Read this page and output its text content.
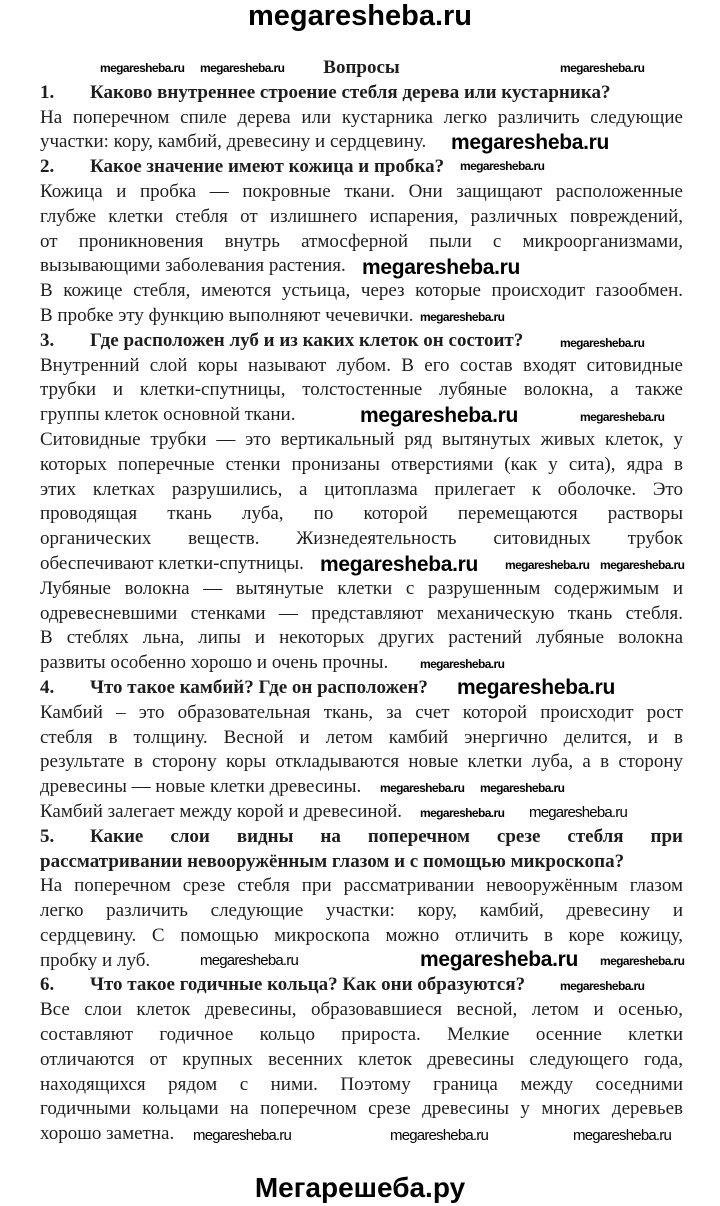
megaresheba.ru
Вопросы
1.	Каково внутреннее строение стебля дерева или кустарника?
На поперечном спиле дерева или кустарника легко различить следующие
участки: кору, камбий, древесину и сердцевину.
2.	Какое значение имеют кожица и пробка?
Кожица и пробка — покровные ткани. Они защищают расположенные
глубже клетки стебля от излишнего испарения, различных повреждений,
от проникновения внутрь атмосферной пыли с микроорганизмами,
вызывающими заболевания растения.
В кожице стебля, имеются устьица, через которые происходит газообмен.
В пробке эту функцию выполняют чечевички.
3.	Где расположен луб и из каких клеток он состоит?
Внутренний слой коры называют лубом. В его состав входят ситовидные
трубки и клетки-спутницы, толстостенные лубяные волокна, а также
группы клеток основной ткани.
Ситовидные трубки — это вертикальный ряд вытянутых живых клеток, у
которых поперечные стенки пронизаны отверстиями (как у сита), ядра в
этих клетках разрушились, а цитоплазма прилегает к оболочке. Это
проводящая ткань луба, по которой перемещаются растворы
органических веществ. Жизнедеятельность ситовидных трубок
обеспечивают клетки-спутницы.
Лубяные волокна — вытянутые клетки с разрушенным содержимым и
одревесневшими стенками — представляют механическую ткань стебля.
В стеблях льна, липы и некоторых других растений лубяные волокна
развиты особенно хорошо и очень прочны.
4.	Что такое камбий? Где он расположен?
Камбий – это образовательная ткань, за счет которой происходит рост
стебля в толщину. Весной и летом камбий энергично делится, и в
результате в сторону коры откладываются новые клетки луба, а в сторону
древесины — новые клетки древесины.
Камбий залегает между корой и древесиной.
5.	Какие слои видны на поперечном срезе стебля при
рассматривании невооружённым глазом и с помощью микроскопа?
На поперечном срезе стебля при рассматривании невооружённым глазом
легко различить следующие участки: кору, камбий, древесину и
сердцевину. С помощью микроскопа можно отличить в коре кожицу,
пробку и луб.
6.	Что такое годичные кольца? Как они образуются?
Все слои клеток древесины, образовавшиеся весной, летом и осенью,
составляют годичное кольцо прироста. Мелкие осенние клетки
отличаются от крупных весенних клеток древесины следующего года,
находящихся рядом с ними. Поэтому граница между соседними
годичными кольцами на поперечном срезе древесины у многих деревьев
хорошо заметна.
megaresheba.ru megaresheba.ru	megaresheba.ru
megaresheba.ru
megaresheba.ru
megaresheba.ru
megaresheba.ru
megaresheba.ru
megaresheba.ru	megaresheba.ru
megaresheba.ru megaresheba.ru megaresheba.ru
megaresheba.ru
megaresheba.ru
megaresheba.ru megaresheba.ru
megaresheba.ru megaresheba.ru
megaresheba.ru	megaresheba.ru megaresheba.ru
megaresheba.ru
megaresheba.ru	megaresheba.ru	megaresheba.ru
Мегарешеба.ру
